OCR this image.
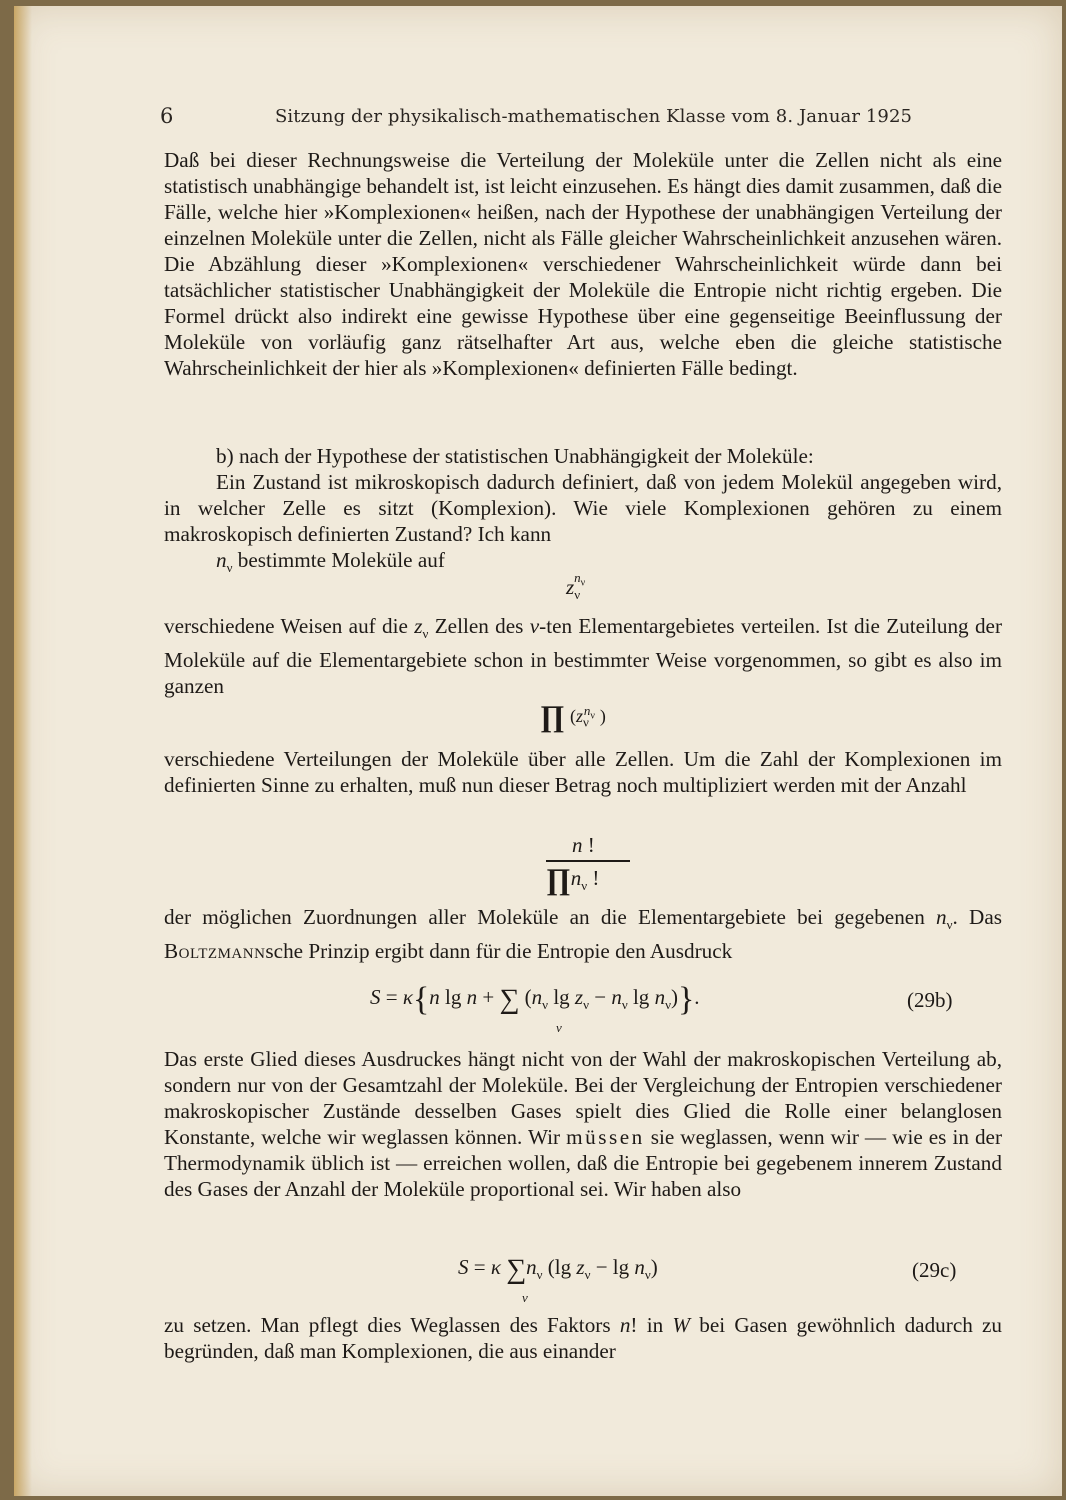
6	Sitzung der physikalisch-mathematischen Klasse vom 8. Januar 1925

Daß bei dieser Rechnungsweise die Verteilung der Moleküle unter die Zellen nicht als eine statistisch unabhängige behandelt ist, ist leicht einzusehen. Es hängt dies damit zusammen, daß die Fälle, welche hier »Komplexionen« heißen, nach der Hypothese der unabhängigen Verteilung der einzelnen Moleküle unter die Zellen, nicht als Fälle gleicher Wahrscheinlichkeit anzusehen wären. Die Abzählung dieser »Komplexionen« verschiedener Wahrscheinlichkeit würde dann bei tatsächlicher statistischer Unabhängigkeit der Moleküle die Entropie nicht richtig ergeben. Die Formel drückt also indirekt eine gewisse Hypothese über eine gegenseitige Beeinflussung der Moleküle von vorläufig ganz rätselhafter Art aus, welche eben die gleiche statistische Wahrscheinlichkeit der hier als »Komplexionen« definierten Fälle bedingt.

b) nach der Hypothese der statistischen Unabhängigkeit der Moleküle:

Ein Zustand ist mikroskopisch dadurch definiert, daß von jedem Molekül angegeben wird, in welcher Zelle es sitzt (Komplexion). Wie viele Komplexionen gehören zu einem makroskopisch definierten Zustand? Ich kann
$n_\nu$ bestimmte Moleküle auf

$z_\nu^{n_\nu}$

verschiedene Weisen auf die $z_\nu$ Zellen des ν-ten Elementargebietes verteilen. Ist die Zuteilung der Moleküle auf die Elementargebiete schon in bestimmter Weise vorgenommen, so gibt es also im ganzen

∏ ($z_\nu^{n_\nu}$ )

verschiedene Verteilungen der Moleküle über alle Zellen. Um die Zahl der Komplexionen im definierten Sinne zu erhalten, muß nun dieser Betrag noch multipliziert werden mit der Anzahl

n !
$\prod n_\nu$ !

der möglichen Zuordnungen aller Moleküle an die Elementargebiete bei gegebenen $n_\nu$. Das Boltzmannsche Prinzip ergibt dann für die Entropie den Ausdruck

S = κ{n lg n + ∑ ($n_\nu$ $\lg z_\nu - n_\nu$ $\lg n_\nu$)}.
ν
(29b)

Das erste Glied dieses Ausdruckes hängt nicht von der Wahl der makroskopischen Verteilung ab, sondern nur von der Gesamtzahl der Moleküle. Bei der Vergleichung der Entropien verschiedener makroskopischer Zustände desselben Gases spielt dies Glied die Rolle einer belanglosen Konstante, welche wir weglassen können. Wir müssen sie weglassen, wenn wir — wie es in der Thermodynamik üblich ist — erreichen wollen, daß die Entropie bei gegebenem innerem Zustand des Gases der Anzahl der Moleküle proportional sei. Wir haben also

S = κ $\sum n_\nu$ (lg $z_\nu - \lg n_\nu$)
ν
(29c)

zu setzen. Man pflegt dies Weglassen des Faktors n! in W bei Gasen gewöhnlich dadurch zu begründen, daß man Komplexionen, die aus einander
